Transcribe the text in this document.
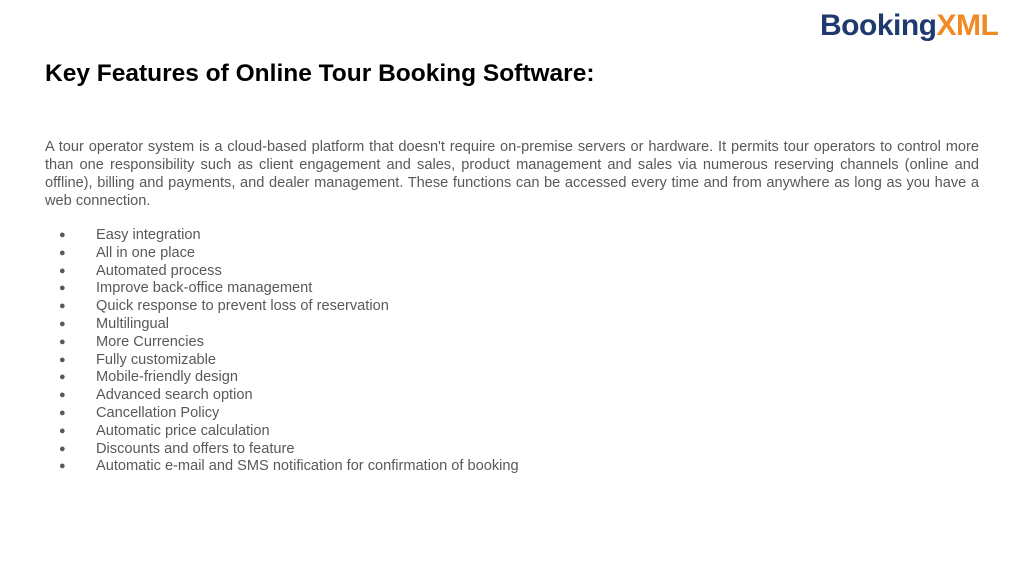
BookingXML
Key Features of Online Tour Booking Software:

A tour operator system is a cloud-based platform that doesn't require on-premise servers or hardware. It permits tour operators to control more than one responsibility such as client engagement and sales, product management and sales via numerous reserving channels (online and offline), billing and payments, and dealer management. These functions can be accessed every time and from anywhere as long as you have a web connection.

● Easy integration
● All in one place
● Automated process
● Improve back-office management
● Quick response to prevent loss of reservation
● Multilingual
● More Currencies
● Fully customizable
● Mobile-friendly design
● Advanced search option
● Cancellation Policy
● Automatic price calculation
● Discounts and offers to feature
● Automatic e-mail and SMS notification for confirmation of booking
